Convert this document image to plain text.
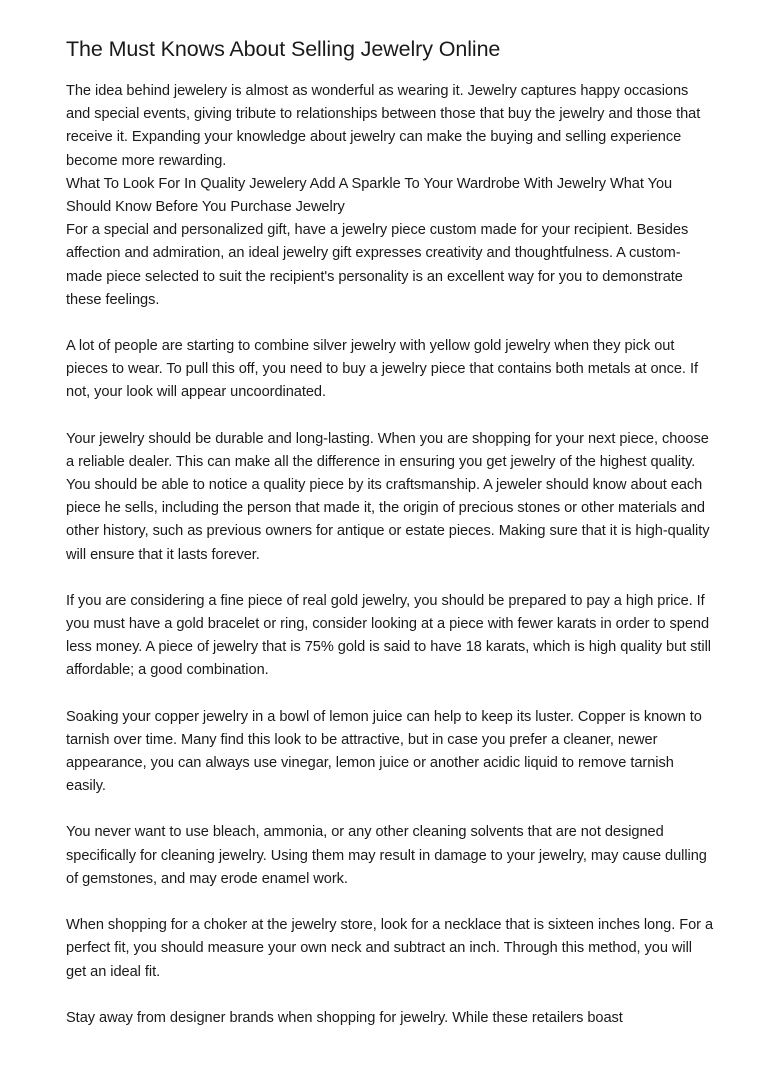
The Must Knows About Selling Jewelry Online

The idea behind jewelery is almost as wonderful as wearing it. Jewelry captures happy occasions and special events, giving tribute to relationships between those that buy the jewelry and those that receive it. Expanding your knowledge about jewelry can make the buying and selling experience become more rewarding.

What To Look For In Quality Jewelery Add A Sparkle To Your Wardrobe With Jewelry What You Should Know Before You Purchase Jewelry

For a special and personalized gift, have a jewelry piece custom made for your recipient. Besides affection and admiration, an ideal jewelry gift expresses creativity and thoughtfulness. A custom-made piece selected to suit the recipient's personality is an excellent way for you to demonstrate these feelings.

A lot of people are starting to combine silver jewelry with yellow gold jewelry when they pick out pieces to wear. To pull this off, you need to buy a jewelry piece that contains both metals at once. If not, your look will appear uncoordinated.

Your jewelry should be durable and long-lasting. When you are shopping for your next piece, choose a reliable dealer. This can make all the difference in ensuring you get jewelry of the highest quality. You should be able to notice a quality piece by its craftsmanship. A jeweler should know about each piece he sells, including the person that made it, the origin of precious stones or other materials and other history, such as previous owners for antique or estate pieces. Making sure that it is high-quality will ensure that it lasts forever.

If you are considering a fine piece of real gold jewelry, you should be prepared to pay a high price. If you must have a gold bracelet or ring, consider looking at a piece with fewer karats in order to spend less money. A piece of jewelry that is 75% gold is said to have 18 karats, which is high quality but still affordable; a good combination.

Soaking your copper jewelry in a bowl of lemon juice can help to keep its luster. Copper is known to tarnish over time. Many find this look to be attractive, but in case you prefer a cleaner, newer appearance, you can always use vinegar, lemon juice or another acidic liquid to remove tarnish easily.

You never want to use bleach, ammonia, or any other cleaning solvents that are not designed specifically for cleaning jewelry. Using them may result in damage to your jewelry, may cause dulling of gemstones, and may erode enamel work.

When shopping for a choker at the jewelry store, look for a necklace that is sixteen inches long. For a perfect fit, you should measure your own neck and subtract an inch. Through this method, you will get an ideal fit.

Stay away from designer brands when shopping for jewelry. While these retailers boast
